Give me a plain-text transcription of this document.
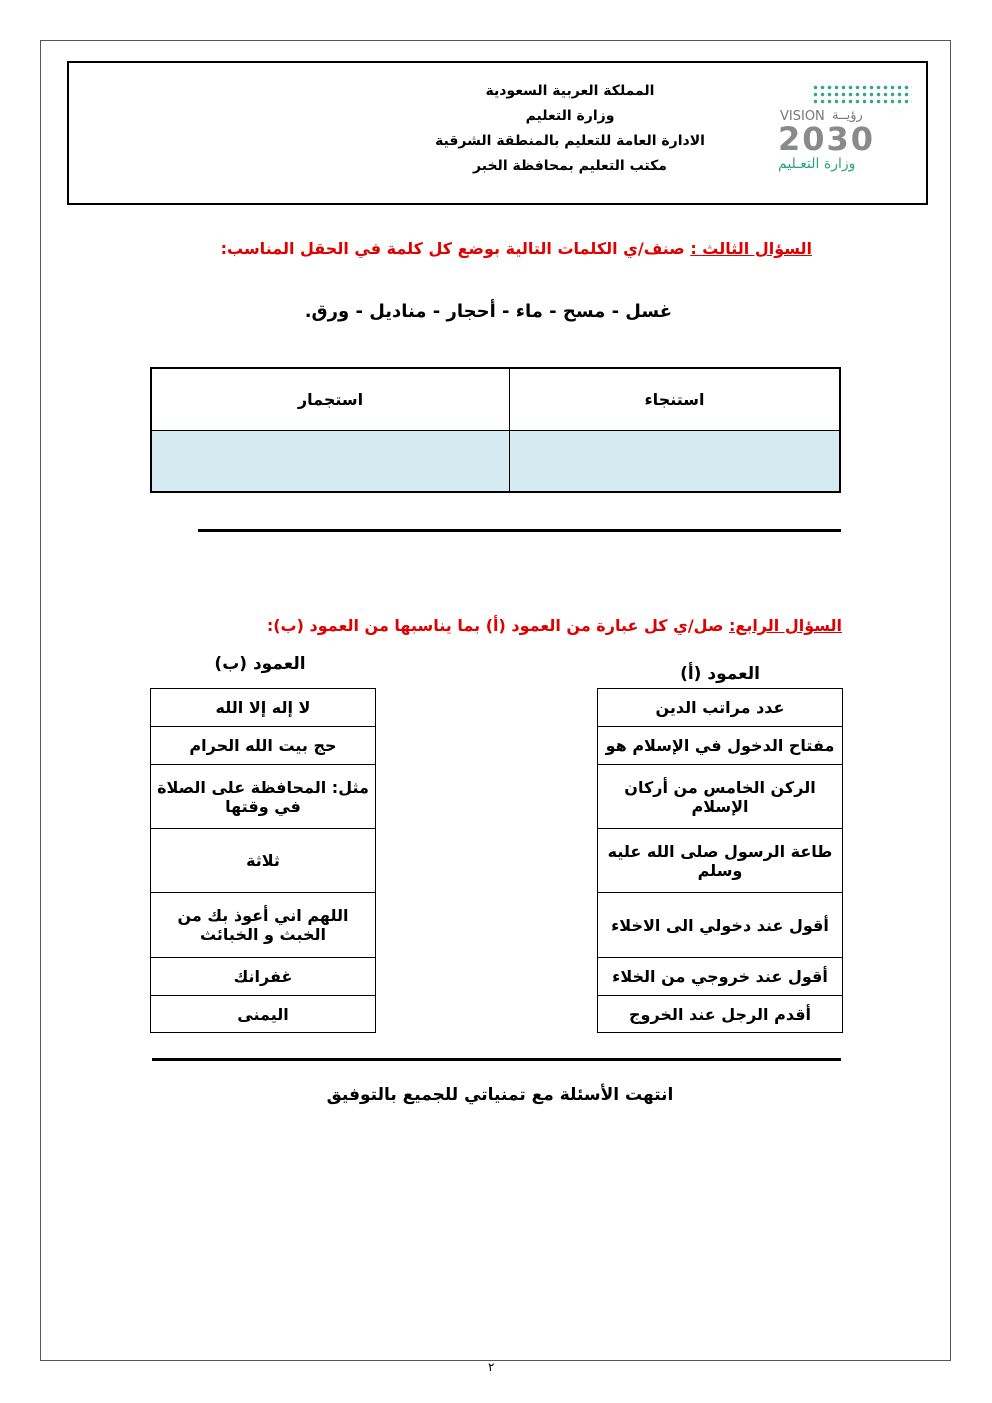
المملكة العربية السعودية
وزارة التعليم
الادارة العامة للتعليم بالمنطقة الشرقية
مكتب التعليم بمحافظة الخبر
VISION رؤيــة
2030
وزارة التعـليم
السؤال الثالث : صنف/ي الكلمات التالية بوضع كل كلمة في الحقل المناسب:
غسل - مسح - ماء - أحجار - مناديل - ورق.
استجمار	استنجاء

السؤال الرابع: صل/ي كل عبارة من العمود (أ) بما يناسبها من العمود (ب):
العمود (أ)
العمود (ب)
لا إله إلا الله
حج بيت الله الحرام
مثل: المحافظة على الصلاة في وقتها
ثلاثة
اللهم اني أعوذ بك من الخبث و الخبائث
غفرانك
اليمنى
عدد مراتب الدين
مفتاح الدخول في الإسلام هو
الركن الخامس من أركان الإسلام
طاعة الرسول صلى الله عليه وسلم
أقول عند دخولي الى الاخلاء
أقول عند خروجي من الخلاء
أقدم الرجل عند الخروج
انتهت الأسئلة مع تمنياتي للجميع بالتوفيق
٢
